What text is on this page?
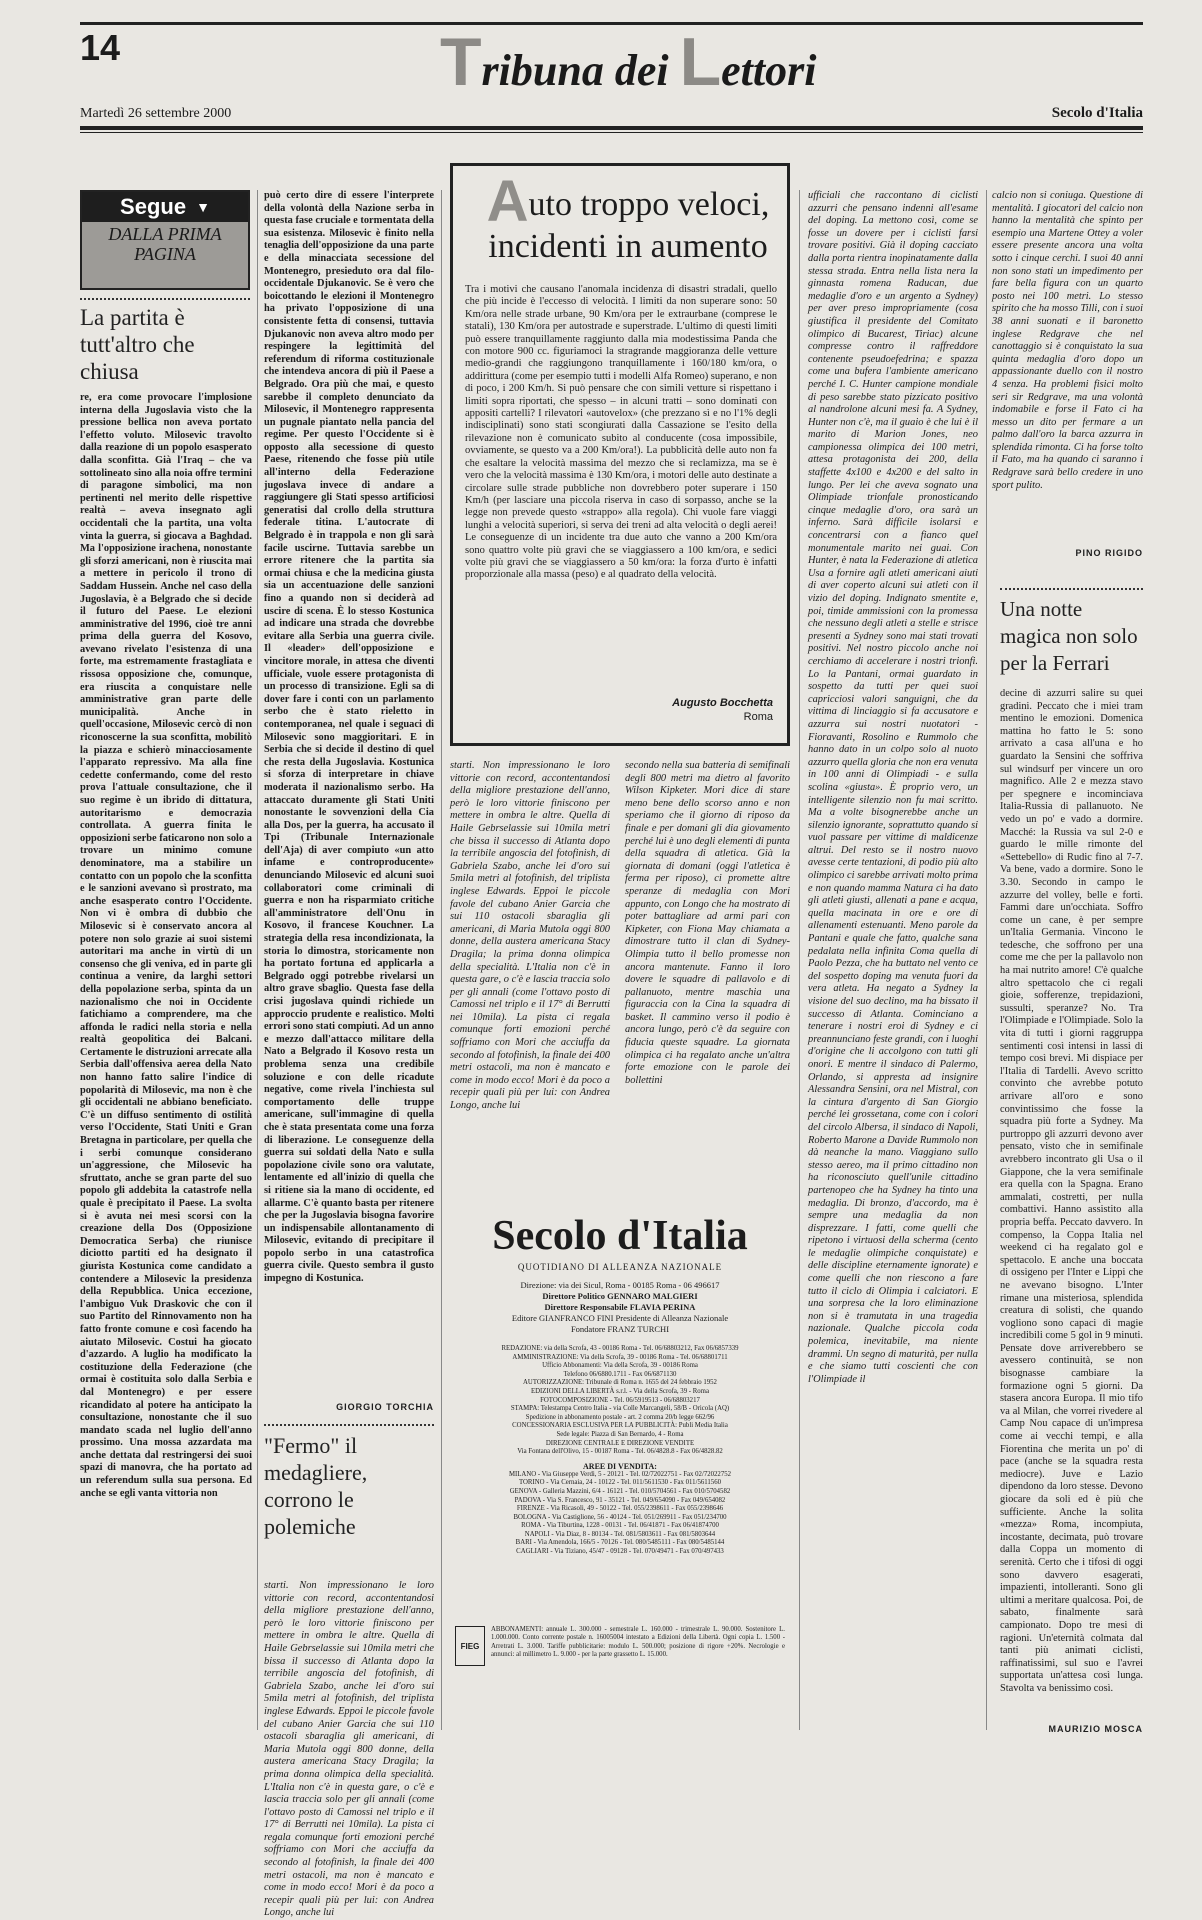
14	Tribuna dei Lettori
Martedì 26 settembre 2000	Secolo d'Italia
Segue ▼
DALLA PRIMA PAGINA
La partita è tutt'altro che chiusa

re, era come provocare l'implosione interna della Jugoslavia visto che la pressione bellica non aveva portato l'effetto voluto. Milosevic travolto dalla reazione di un popolo esasperato dalla sconfitta. Già l'Iraq – che va sottolineato sino alla noia offre termini di paragone simbolici, ma non pertinenti nel merito delle rispettive realtà – aveva insegnato agli occidentali che la partita, una volta vinta la guerra, si giocava a Baghdad. Ma l'opposizione irachena, nonostante gli sforzi americani, non è riuscita mai a mettere in pericolo il trono di Saddam Hussein. Anche nel caso della Jugoslavia, è a Belgrado che si decide il futuro del Paese. Le elezioni amministrative del 1996, cioè tre anni prima della guerra del Kosovo, avevano rivelato l'esistenza di una forte, ma estremamente frastagliata e rissosa opposizione che, comunque, era riuscita a conquistare nelle amministrative gran parte delle municipalità. Anche in quell'occasione, Milosevic cercò di non riconoscerne la sua sconfitta, mobilitò la piazza e schierò minacciosamente l'apparato repressivo. Ma alla fine cedette confermando, come del resto prova l'attuale consultazione, che il suo regime è un ibrido di dittatura, autoritarismo e democrazia controllata. A guerra finita le opposizioni serbe faticarono non solo a trovare un minimo comune denominatore, ma a stabilire un contatto con un popolo che la sconfitta e le sanzioni avevano sì prostrato, ma anche esasperato contro l'Occidente. Non vi è ombra di dubbio che Milosevic si è conservato ancora al potere non solo grazie ai suoi sistemi autoritari ma anche in virtù di un consenso che gli veniva, ed in parte gli continua a venire, da larghi settori della popolazione serba, spinta da un nazionalismo che noi in Occidente fatichiamo a comprendere, ma che affonda le radici nella storia e nella realtà geopolitica dei Balcani. Certamente le distruzioni arrecate alla Serbia dall'offensiva aerea della Nato non hanno fatto salire l'indice di popolarità di Milosevic, ma non è che gli occidentali ne abbiano beneficiato. C'è un diffuso sentimento di ostilità verso l'Occidente, Stati Uniti e Gran Bretagna in particolare, per quella che i serbi comunque considerano un'aggressione, che Milosevic ha sfruttato, anche se gran parte del suo popolo gli addebita la catastrofe nella quale è precipitato il Paese. La svolta si è avuta nei mesi scorsi con la creazione della Dos (Opposizione Democratica Serba) che riunisce diciotto partiti ed ha designato il giurista Kostunica come candidato a contendere a Milosevic la presidenza della Repubblica. Unica eccezione, l'ambiguo Vuk Draskovic che con il suo Partito del Rinnovamento non ha fatto fronte comune e così facendo ha aiutato Milosevic. Costui ha giocato d'azzardo. A luglio ha modificato la costituzione della Federazione (che ormai è costituita solo dalla Serbia e dal Montenegro) e per essere ricandidato al potere ha anticipato la consultazione, nonostante che il suo mandato scada nel luglio dell'anno prossimo. Una mossa azzardata ma anche dettata dal restringersi dei suoi spazi di manovra, che ha portato ad un referendum sulla sua persona. Ed anche se egli vanta vittoria non

può certo dire di essere l'interprete della volontà della Nazione serba in questa fase cruciale e tormentata della sua esistenza. Milosevic è finito nella tenaglia dell'opposizione da una parte e della minacciata secessione del Montenegro, presieduto ora dal filo-occidentale Djukanovic. Se è vero che boicottando le elezioni il Montenegro ha privato l'opposizione di una consistente fetta di consensi, tuttavia Djukanovic non aveva altro modo per respingere la legittimità del referendum di riforma costituzionale che intendeva ancora di più il Paese a Belgrado. Ora più che mai, e questo sarebbe il completo denunciato da Milosevic, il Montenegro rappresenta un pugnale piantato nella pancia del regime. Per questo l'Occidente si è opposto alla secessione di questo Paese, ritenendo che fosse più utile all'interno della Federazione jugoslava invece di andare a raggiungere gli Stati spesso artificiosi generatisi dal crollo della struttura federale titina. L'autocrate di Belgrado è in trappola e non gli sarà facile uscirne. Tuttavia sarebbe un errore ritenere che la partita sia ormai chiusa e che la medicina giusta sia un accentuazione delle sanzioni fino a quando non si deciderà ad uscire di scena. È lo stesso Kostunica ad indicare una strada che dovrebbe evitare alla Serbia una guerra civile. Il «leader» dell'opposizione e vincitore morale, in attesa che diventi ufficiale, vuole essere protagonista di un processo di transizione. Egli sa di dover fare i conti con un parlamento serbo che è stato rieletto in contemporanea, nel quale i seguaci di Milosevic sono maggioritari. E in Serbia che si decide il destino di quel che resta della Jugoslavia. Kostunica si sforza di interpretare in chiave moderata il nazionalismo serbo. Ha attaccato duramente gli Stati Uniti nonostante le sovvenzioni della Cia alla Dos, per la guerra, ha accusato il Tpi (Tribunale Internazionale dell'Aja) di aver compiuto «un atto infame e controproducente» denunciando Milosevic ed alcuni suoi collaboratori come criminali di guerra e non ha risparmiato critiche all'amministratore dell'Onu in Kosovo, il francese Kouchner. La strategia della resa incondizionata, la storia lo dimostra, storicamente non ha portato fortuna ed applicarla a Belgrado oggi potrebbe rivelarsi un altro grave sbaglio. Questa fase della crisi jugoslava quindi richiede un approccio prudente e realistico. Molti errori sono stati compiuti. Ad un anno e mezzo dall'attacco militare della Nato a Belgrado il Kosovo resta un problema senza una credibile soluzione e con delle ricadute negative, come rivela l'inchiesta sul comportamento delle truppe americane, sull'immagine di quella che è stata presentata come una forza di liberazione. Le conseguenze della guerra sui soldati della Nato e sulla popolazione civile sono ora valutate, lentamente ed all'inizio di quella che si ritiene sia la mano di occidente, ed allarme. C'è quanto basta per ritenere che per la Jugoslavia bisogna favorire un indispensabile allontanamento di Milosevic, evitando di precipitare il popolo serbo in una catastrofica guerra civile. Questo sembra il gusto impegno di Kostunica.

GIORGIO TORCHIA
"Fermo" il medagliere, corrono le polemiche

starti. Non impressionano le loro vittorie con record, accontentandosi della migliore prestazione dell'anno, però le loro vittorie finiscono per mettere in ombra le altre. Quella di Haile Gebrselassie sui 10mila metri che bissa il successo di Atlanta dopo la terribile angoscia del fotofinish, di Gabriela Szabo, anche lei d'oro sui 5mila metri al fotofinish, del triplista inglese Edwards. Eppoi le piccole favole del cubano Anier Garcia che sui 110 ostacoli sbaraglia gli americani, di Maria Mutola oggi 800 donne, della austera americana Stacy Dragila; la prima donna olimpica della specialità. L'Italia non c'è in questa gare, o c'è e lascia traccia solo per gli annali (come l'ottavo posto di Camossi nel triplo e il 17° di Berrutti nei 10mila). La pista ci regala comunque forti emozioni perché soffriamo con Mori che acciuffa da secondo al fotofinish, la finale dei 400 metri ostacoli, ma non è mancato e come in modo ecco! Mori è da poco a recepir quali più per lui: con Andrea Longo, anche lui

Auto troppo veloci, incidenti in aumento

Tra i motivi che causano l'anomala incidenza di disastri stradali, quello che più incide è l'eccesso di velocità. I limiti da non superare sono: 50 Km/ora nelle strade urbane, 90 Km/ora per le extraurbane (comprese le statali), 130 Km/ora per autostrade e superstrade. L'ultimo di questi limiti può essere tranquillamente raggiunto dalla mia modestissima Panda che con motore 900 cc. figuriamoci la stragrande maggioranza delle vetture medio-grandi che raggiungono tranquillamente i 160/180 km/ora, o addirittura (come per esempio tutti i modelli Alfa Romeo) superano, e non di poco, i 200 Km/h. Si può pensare che con simili vetture si rispettano i limiti sopra riportati, che spesso – in alcuni tratti – sono dominati con appositi cartelli? I rilevatori «autovelox» (che prezzano sì e no l'1% degli indisciplinati) sono stati scongiurati dalla Cassazione se l'esito della rilevazione non è comunicato subito al conducente (cosa impossibile, ovviamente, se questo va a 200 Km/ora!). La pubblicità delle auto non fa che esaltare la velocità massima del mezzo che si reclamizza, ma se è vero che la velocità massima è 130 Km/ora, i motori delle auto destinate a circolare sulle strade pubbliche non dovrebbero poter superare i 150 Km/h (per lasciare una piccola riserva in caso di sorpasso, anche se la legge non prevede questo «strappo» alla regola). Chi vuole fare viaggi lunghi a velocità superiori, si serva dei treni ad alta velocità o degli aerei! Le conseguenze di un incidente tra due auto che vanno a 200 Km/ora sono quattro volte più gravi che se viaggiassero a 100 km/ora, e sedici volte più gravi che se viaggiassero a 50 km/ora: la forza d'urto è infatti proporzionale alla massa (peso) e al quadrato della velocità.

Augusto Bocchetta
Roma

starti. Non impressionano le loro vittorie con record, accontentandosi della migliore prestazione dell'anno, però le loro vittorie finiscono per mettere in ombra le altre. Quella di Haile Gebrselassie sui 10mila metri che bissa il successo di Atlanta dopo la terribile angoscia del fotofinish, di Gabriela Szabo, anche lei d'oro sui 5mila metri al fotofinish, del triplista inglese Edwards. Eppoi le piccole favole del cubano Anier Garcia che sui 110 ostacoli sbaraglia gli americani, di Maria Mutola oggi 800 donne, della austera americana Stacy Dragila; la prima donna olimpica della specialità. L'Italia non c'è in questa gare, o c'è e lascia traccia solo per gli annali (come l'ottavo posto di Camossi nel triplo e il 17° di Berrutti nei 10mila). La pista ci regala comunque forti emozioni perché soffriamo con Mori che acciuffa da secondo al fotofinish, la finale dei 400 metri ostacoli, ma non è mancato e come in modo ecco! Mori è da poco a recepir quali più per lui: con Andrea Longo, anche lui

secondo nella sua batteria di semifinali degli 800 metri ma dietro al favorito Wilson Kipketer. Mori dice di stare meno bene dello scorso anno e non speriamo che il giorno di riposo da finale e per domani gli dia giovamento perché lui è uno degli elementi di punta della squadra di atletica. Già la giornata di domani (oggi l'atletica è ferma per riposo), ci promette altre speranze di medaglia con Mori appunto, con Longo che ha mostrato di poter battagliare ad armi pari con Kipketer, con Fiona May chiamata a dimostrare tutto il clan di Sydney-Olimpia tutto il bello promesse non ancora mantenute. Fanno il loro dovere le squadre di pallavolo e di pallanuoto, mentre maschia una figuraccia con la Cina la squadra di basket. Il cammino verso il podio è ancora lungo, però c'è da seguire con fiducia queste squadre. La giornata olimpica ci ha regalato anche un'altra forte emozione con le parole dei bollettini

Secolo d'Italia
QUOTIDIANO DI ALLEANZA NAZIONALE
Direzione: via dei Sicul, Roma - 00185 Roma - 06 496617
Direttore Politico GENNARO MALGIERI
Direttore Responsabile FLAVIA PERINA
Editore GIANFRANCO FINI Presidente di Alleanza Nazionale
Fondatore FRANZ TURCHI
REDAZIONE: via della Scrofa, 43 - 00186 Roma - Tel. 06/68803212, Fax 06/6857339
AMMINISTRAZIONE: Via della Scrofa, 39 - 00186 Roma - Tel. 06/68801711
Ufficio Abbonamenti: Via della Scrofa, 39 - 00186 Roma
Telefono 06/6880.1711 - Fax 06/6871130
AUTORIZZAZIONE: Tribunale di Roma n. 1655 del 24 febbraio 1952
EDIZIONI DELLA LIBERTÀ s.r.l. - Via della Scrofa, 39 - Roma
FOTOCOMPOSIZIONE - Tel. 06/5919513 - 06/68803217
STAMPA: Telestampa Centro Italia - via Colle Marcangeli, 58/B - Oricola (AQ)
Spedizione in abbonamento postale - art. 2 comma 20/b legge 662/96
CONCESSIONARIA ESCLUSIVA PER LA PUBBLICITÀ: Publi Media Italia
Sede legale: Piazza di San Bernardo, 4 - Roma
DIREZIONE CENTRALE E DIREZIONE VENDITE
Via Fontana dell'Olivo, 15 - 00187 Roma - Tel. 06/4828.8 - Fax 06/4828.82
AREE DI VENDITA:
MILANO - Via Giuseppe Verdi, 5 - 20121 - Tel. 02/72022751 - Fax 02/72022752
TORINO - Via Cernaia, 24 - 10122 - Tel. 011/5611530 - Fax 011/5611560
GENOVA - Galleria Mazzini, 6/4 - 16121 - Tel. 010/5704561 - Fax 010/5704582
PADOVA - Via S. Francesco, 91 - 35121 - Tel. 049/654090 - Fax 049/654082
FIRENZE - Via Ricasoli, 49 - 50122 - Tel. 055/2398611 - Fax 055/2398646
BOLOGNA - Via Castiglione, 56 - 40124 - Tel. 051/269911 - Fax 051/234700
ROMA - Via Tiburtina, 1228 - 00131 - Tel. 06/41871 - Fax 06/41874700
NAPOLI - Via Diaz, 8 - 80134 - Tel. 081/5803611 - Fax 081/5803644
BARI - Via Amendola, 166/5 - 70126 - Tel. 080/5485111 - Fax 080/5485144
CAGLIARI - Via Tiziano, 45/47 - 09128 - Tel. 070/49471 - Fax 070/497433
FIEG
ABBONAMENTI: annuale L. 300.000 - semestrale L. 160.000 - trimestrale L. 90.000. Sostenitore L. 1.000.000. Conto corrente postale n. 16005004 intestato a Edizioni della Libertà. Ogni copia L. 1.500 - Arretrati L. 3.000. Tariffe pubblicitarie: modulo L. 500.000; posizione di rigore +20%. Necrologie e annunci: al millimetro L. 9.000 - per la parte grassetto L. 15.000.

ufficiali che raccontano di ciclisti azzurri che pensano indenni all'esame del doping. La mettono così, come se fosse un dovere per i ciclisti farsi trovare positivi. Già il doping cacciato dalla porta rientra inopinatamente dalla stessa strada. Entra nella lista nera la ginnasta romena Raducan, due medaglie d'oro e un argento a Sydney) per aver preso impropriamente (cosa giustifica il presidente del Comitato olimpico di Bucarest, Tiriac) alcune compresse contro il raffreddore contenente pseudoefedrina; e spazza come una bufera l'ambiente americano perché I. C. Hunter campione mondiale di peso sarebbe stato pizzicato positivo al nandrolone alcuni mesi fa. A Sydney, Hunter non c'è, ma il guaio è che lui è il marito di Marion Jones, neo campionessa olimpica dei 100 metri, attesa protagonista dei 200, della staffette 4x100 e 4x200 e del salto in lungo. Per lei che aveva sognato una Olimpiade trionfale pronosticando cinque medaglie d'oro, ora sarà un inferno. Sarà difficile isolarsi e concentrarsi con a fianco quel monumentale marito nei guai. Con Hunter, è nata la Federazione di atletica Usa a fornire agli atleti americani aiuti di aver coperto alcuni sui atleti con il vizio del doping. Indignato smentite e, poi, timide ammissioni con la promessa che nessuno degli atleti a stelle e strisce presenti a Sydney sono mai stati trovati positivi. Nel nostro piccolo anche noi cerchiamo di accelerare i nostri trionfi. Lo la Pantani, ormai guardato in sospetto da tutti per quei suoi capricciosi valori sanguigni, che da vittima di linciaggio si fa accusatore e azzurra sui nostri nuotatori - Fioravanti, Rosolino e Rummolo che hanno dato in un colpo solo al nuoto azzurro quella gloria che non era venuta in 100 anni di Olimpiadi - e sulla scolina «giusta». È proprio vero, un intelligente silenzio non fu mai scritto. Ma a volte bisognerebbe anche un silenzio ignorante, soprattutto quando si vuol passare per vittime di maldicenze altrui. Del resto se il nostro nuovo avesse certe tentazioni, di podio più alto olimpico ci sarebbe arrivati molto prima e non quando mamma Natura ci ha dato gli atleti giusti, allenati a pane e acqua, quella macinata in ore e ore di allenamenti estenuanti. Meno parole da Pantani e quale che fatto, qualche sana pedalata nella infinita Coma quella di Paolo Pezza, che ha buttato nel vento ce del sospetto doping ma venuta fuori da vera atleta. Ha negato a Sydney la visione del suo declino, ma ha bissato il successo di Atlanta. Cominciano a tenerare i nostri eroi di Sydney e ci preannunciano feste grandi, con i luoghi d'origine che li accolgono con tutti gli onori. E mentre il sindaco di Palermo, Orlando, si appresta ad insignire Alessandra Sensini, ora nel Mistral, con la cintura d'argento di San Giorgio perché lei grossetana, come con i colori del circolo Albersa, il sindaco di Napoli, Roberto Marone a Davide Rummolo non dà neanche la mano. Viaggiano sullo stesso aereo, ma il primo cittadino non ha riconosciuto quell'unile cittadino partenopeo che ha Sydney ha tinto una medaglia. Di bronzo, d'accordo, ma è sempre una medaglia da non disprezzare. I fatti, come quelli che ripetono i virtuosi della scherma (cento le medaglie olimpiche conquistate) e delle discipline eternamente ignorate) e come quelli che non riescono a fare tutto il ciclo di Olimpia i calciatori. E una sorpresa che la loro eliminazione non si è tramutata in una tragedia nazionale. Qualche piccola coda polemica, inevitabile, ma niente drammi. Un segno di maturità, per nulla e che siamo tutti coscienti che con l'Olimpiade il

calcio non si coniuga. Questione di mentalità. I giocatori del calcio non hanno la mentalità che spinto per esempio una Martene Ottey a voler essere presente ancora una volta sotto i cinque cerchi. I suoi 40 anni non sono stati un impedimento per fare bella figura con un quarto posto nei 100 metri. Lo stesso spirito che ha mosso Tilli, con i suoi 38 anni suonati e il baronetto inglese Redgrave che nel canottaggio si è conquistato la sua quinta medaglia d'oro dopo un appassionante duello con il nostro 4 senza. Ha problemi fisici molto seri sir Redgrave, ma una volontà indomabile e forse il Fato ci ha messo un dito per fermare a un palmo dall'oro la barca azzurra in splendida rimonta. Ci ha forse tolto il Fato, ma ha quando ci saranno i Redgrave sarà bello credere in uno sport pulito.

PINO RIGIDO
Una notte magica non solo per la Ferrari

decine di azzurri salire su quei gradini. Peccato che i miei tram mentino le emozioni. Domenica mattina ho fatto le 5: sono arrivato a casa all'una e ho guardato la Sensini che soffriva sul windsurf per vincere un oro magnifico. Alle 2 e mezza stavo per spegnere e incominciava Italia-Russia di pallanuoto. Ne vedo un po' e vado a dormire. Macché: la Russia va sul 2-0 e guardo le mille rimonte del «Settebello» di Rudic fino al 7-7. Va bene, vado a dormire. Sono le 3.30. Secondo in campo le azzurre del volley, belle e forti. Fammi dare un'occhiata. Soffro come un cane, è per sempre un'Italia Germania. Vincono le tedesche, che soffrono per una come me che per la pallavolo non ha mai nutrito amore! C'è qualche altro spettacolo che ci regali gioie, sofferenze, trepidazioni, sussulti, speranze? No. Tra l'Olimpiade e l'Olimpiade. Solo la vita di tutti i giorni raggruppa sentimenti così intensi in lassi di tempo così brevi. Mi dispiace per l'Italia di Tardelli. Avevo scritto convinto che avrebbe potuto arrivare all'oro e sono convintissimo che fosse la squadra più forte a Sydney. Ma purtroppo gli azzurri devono aver pensato, visto che in semifinale avrebbero incontrato gli Usa o il Giappone, che la vera semifinale era quella con la Spagna. Erano ammalati, costretti, per nulla combattivi. Hanno assistito alla propria beffa. Peccato davvero. In compenso, la Coppa Italia nel weekend ci ha regalato gol e spettacolo. E anche una boccata di ossigeno per l'Inter e Lippi che ne avevano bisogno. L'Inter rimane una misteriosa, splendida creatura di solisti, che quando vogliono sono capaci di magie incredibili come 5 gol in 9 minuti. Pensate dove arriverebbero se avessero continuità, se non bisognasse cambiare la formazione ogni 5 giorni. Da stasera ancora Europa. Il mio tifo va al Milan, che vorrei rivedere al Camp Nou capace di un'impresa come ai vecchi tempi, e alla Fiorentina che merita un po' di pace (anche se la squadra resta mediocre). Juve e Lazio dipendono da loro stesse. Devono giocare da soli ed è più che sufficiente. Anche la solita «mezza» Roma, incompiuta, incostante, decimata, può trovare dalla Coppa un momento di serenità. Certo che i tifosi di oggi sono davvero esagerati, impazienti, intolleranti. Sono gli ultimi a meritare qualcosa. Poi, de sabato, finalmente sarà campionato. Dopo tre mesi di ragioni. Un'eternità colmata dal tanti più animati ciclisti, raffinatissimi, sul suo e l'avrei supportata un'attesa così lunga. Stavolta va benissimo così.

MAURIZIO MOSCA
